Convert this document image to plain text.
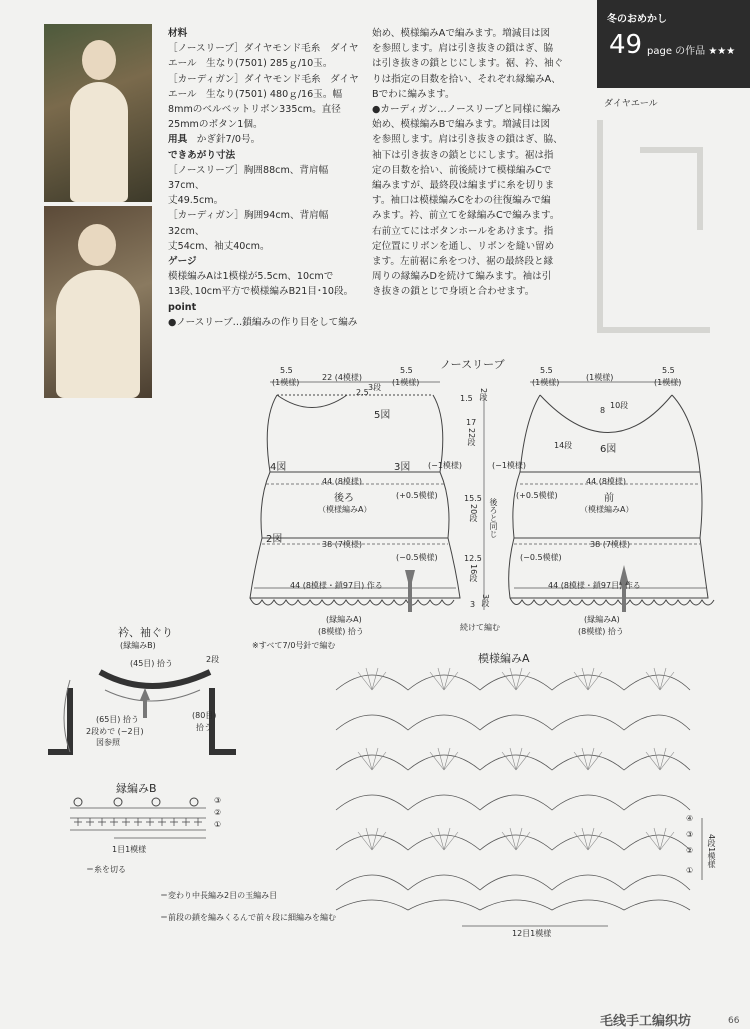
冬のおめかし
49 page の作品 ★★★
ダイヤエール

材料

［ノースリーブ］ダイヤモンド毛糸　ダイヤ

エール　生なり(7501) 285ｇ/10玉。

［カーディガン］ダイヤモンド毛糸　ダイヤ

エール　生なり(7501) 480ｇ/16玉。幅

8mmのベルベットリボン335cm。直径

25mmのボタン1個。

用具　 かぎ針7/0号。

できあがり寸法

［ノースリーブ］胸囲88cm、背肩幅37cm、

丈49.5cm。

［カーディガン］胸囲94cm、背肩幅32cm、

丈54cm、袖丈40cm。

ゲージ

模様編みAは1模様が5.5cm、10cmで

13段､10cm平方で模様編みB21目･10段。

point

●ノースリーブ…鎖編みの作り目をして編み

始め、模様編みAで編みます。増減目は図

を参照します。肩は引き抜きの鎖はぎ、脇

は引き抜きの鎖とじにします。裾、衿、袖ぐ

りは指定の目数を拾い、それぞれ縁編みA、

Bでわに編みます。

●カーディガン…ノースリーブと同様に編み

始め、模様編みBで編みます。増減目は図

を参照します。肩は引き抜きの鎖はぎ、脇、

袖下は引き抜きの鎖とじにします。裾は指

定の目数を拾い、前後続けて模様編みCで

編みますが、最終段は編まずに糸を切りま

す。袖口は模様編みCをわの往復編みで編

みます。衿、前立てを縁編みCで編みます。

右前立てにはボタンホールをあけます。指

定位置にリボンを通し、リボンを縫い留め

ます。左前裾に糸をつけ、裾の最終段と縁

周りの縁編みDを続けて編みます。袖は引

き抜きの鎖とじで身頃と合わせます。

ノースリーブ
5.5
(1模様)
22 (4模様)
5.5
(1模様)
2.5
3段
5図
4図	3図 (−1模様)
44 (8模様)
後ろ	(+0.5模様)
（模様編みA）
2図	38 (7模様)
(−0.5模様)
44 (8模様・鎖97目) 作る
(縁編みA)
(8模様) 拾う
※すべて7/0号針で編む
5.5
(1模様)
(1模様)
5.5
(1模様)
8
10段
14段	6図
(−1模様)
44 (8模様)
前
(+0.5模様)
後ろと同じ	（模様編みA）
38 (7模様)
(−0.5模様)
44 (8模様・鎖97目) 作る
(縁編みA)
(8模様) 拾う
1.5 2段
17
22段
15.5
20段
12.5
16段
3 3段
続けて編む
衿、袖ぐり
(縁編みB)
(45目) 拾う	2段
(65目) 拾う	(80目)
拾う
2段めで (−2目)
図参照
縁編みB
③
②
①
1目1模様
＝糸を切る
＝変わり中長編み2目の玉編み目
＝前段の鎖を編みくるんで前々段に細編みを編む
模様編みA
④
③
②
①
4段1模様
12目1模様
毛线手工编织坊	66
